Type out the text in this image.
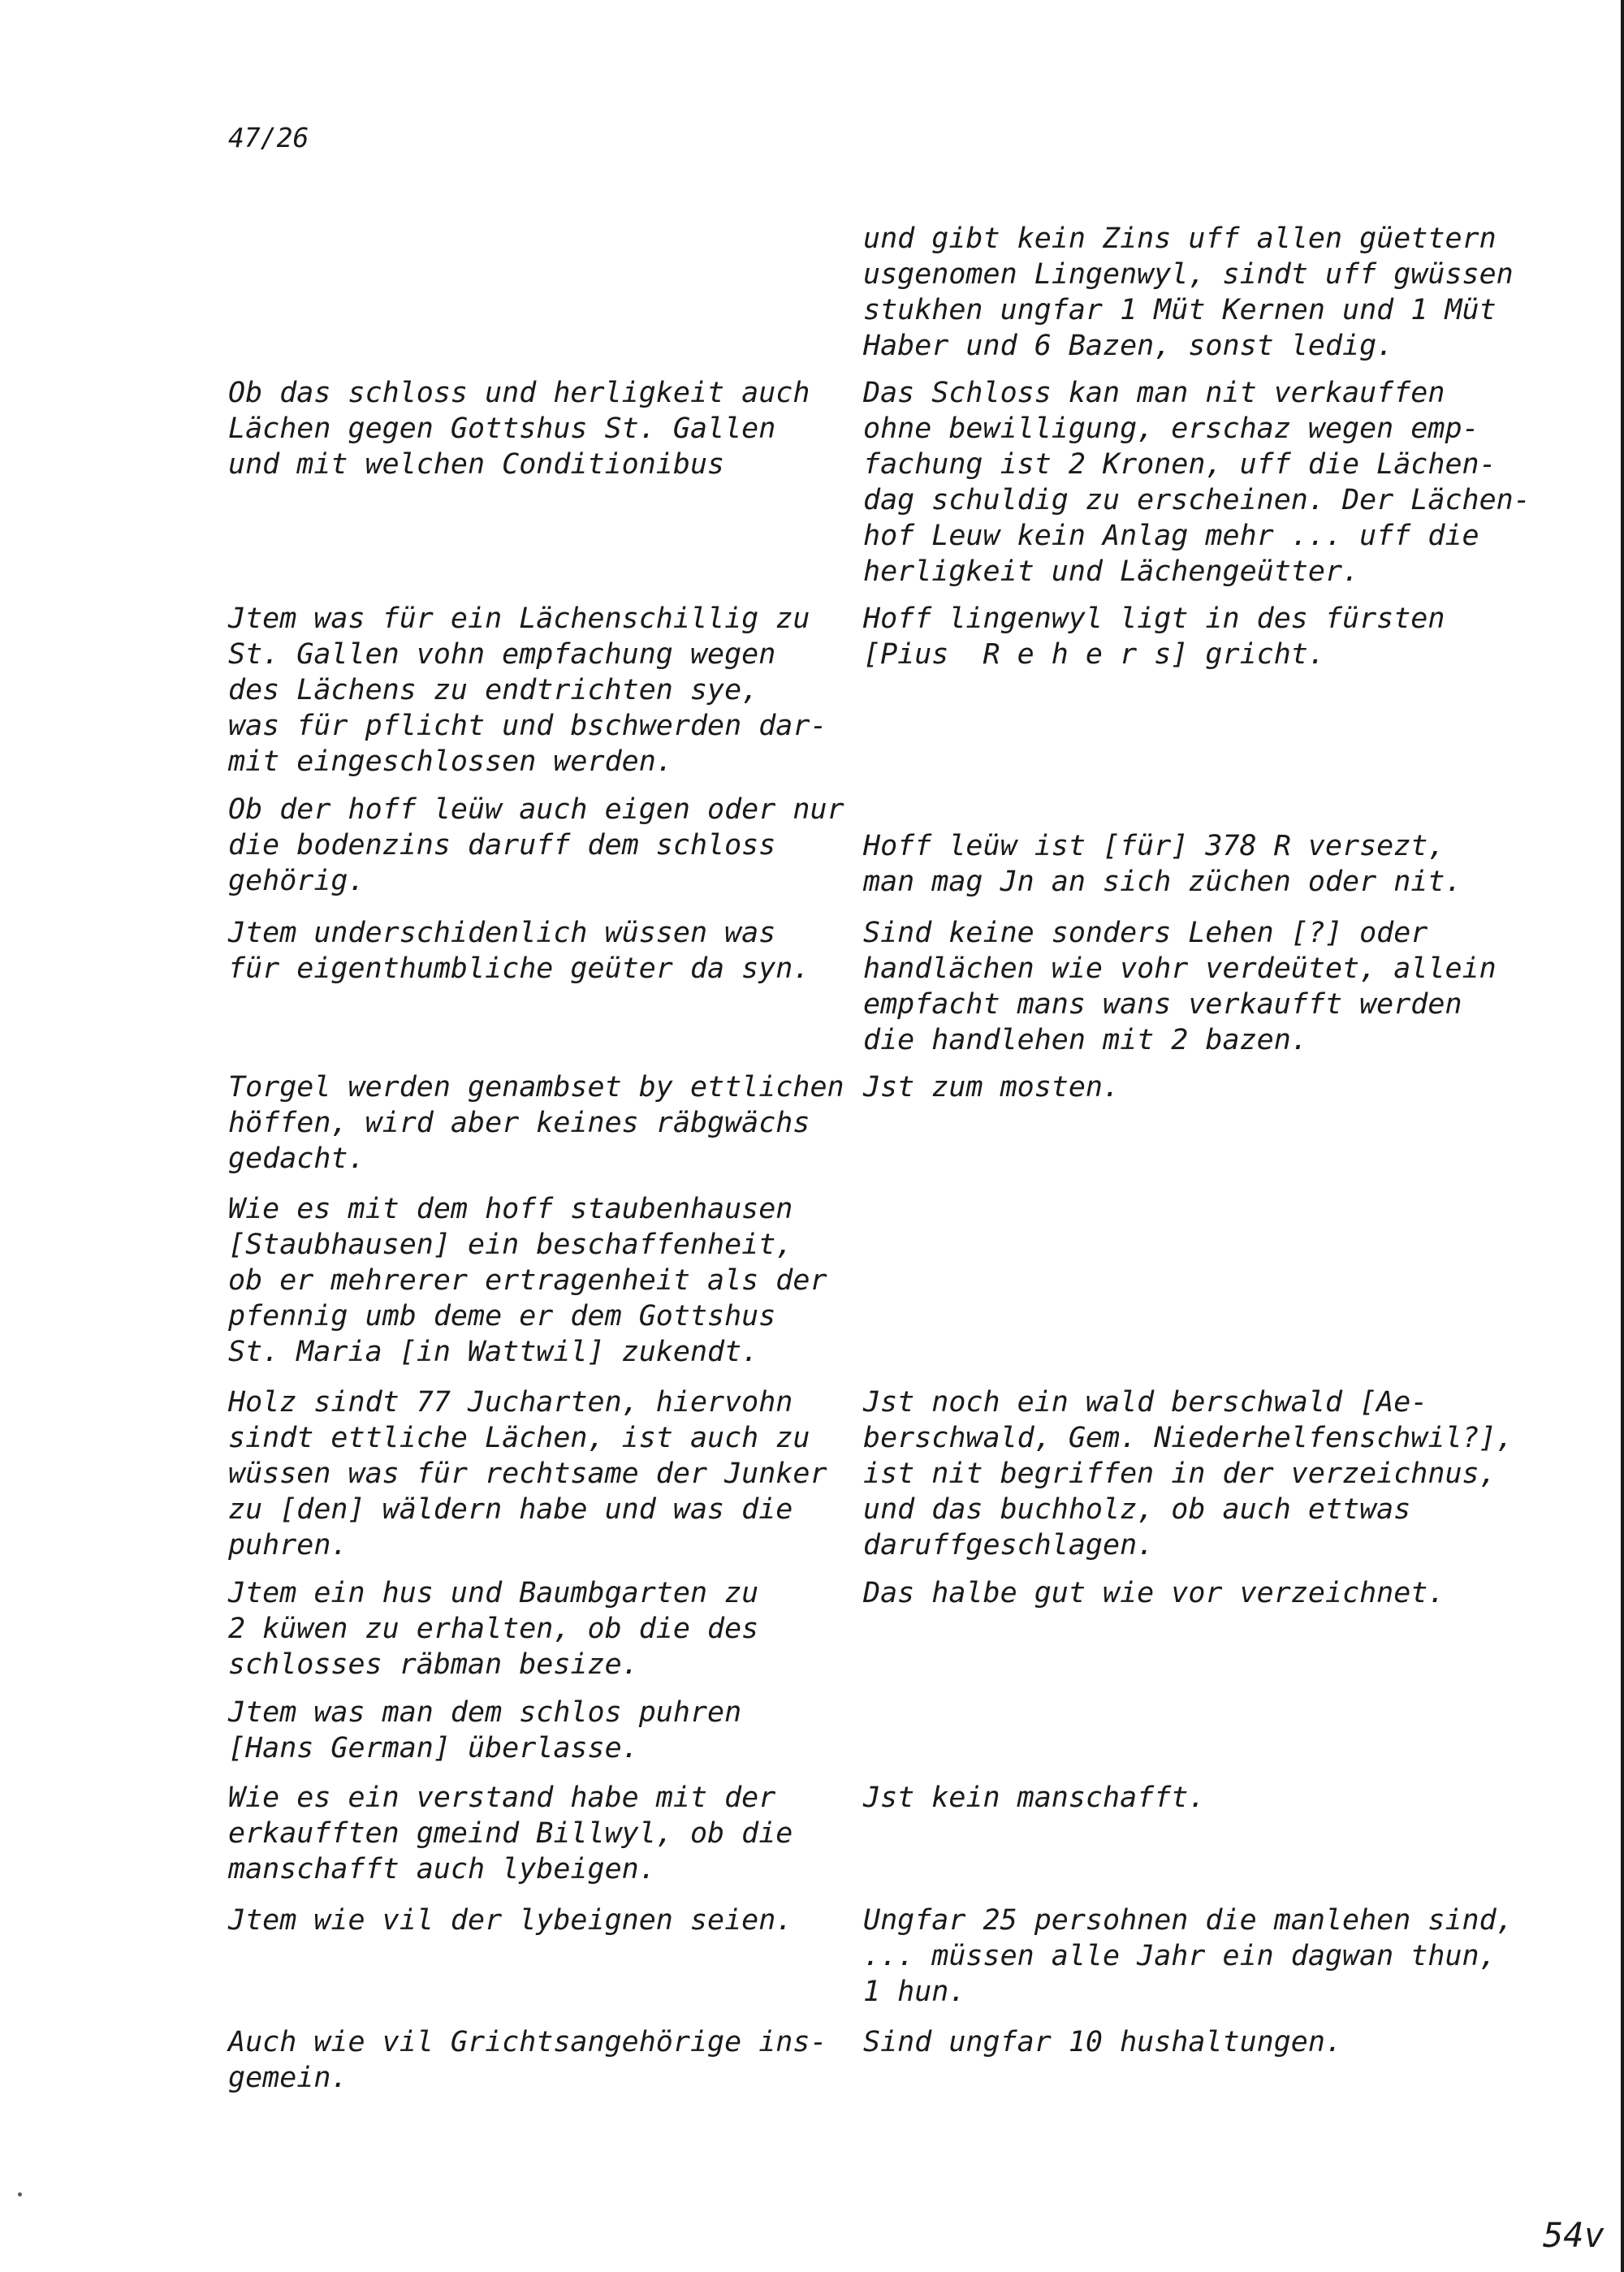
47/26

Ob das schloss und herligkeit auch
Lächen gegen Gottshus St. Gallen
und mit welchen Conditionibus

Jtem was für ein Lächenschillig zu
St. Gallen vohn empfachung wegen
des Lächens zu endtrichten sye,
was für pflicht und bschwerden dar-
mit eingeschlossen werden.

Ob der hoff leüw auch eigen oder nur
die bodenzins daruff dem schloss
gehörig.

Jtem underschidenlich wüssen was
für eigenthumbliche geüter da syn.

Torgel werden genambset by ettlichen
höffen, wird aber keines räbgwächs
gedacht.

Wie es mit dem hoff staubenhausen
[Staubhausen] ein beschaffenheit,
ob er mehrerer ertragenheit als der
pfennig umb deme er dem Gottshus
St. Maria [in Wattwil] zukendt.

Holz sindt 77 Jucharten, hiervohn
sindt ettliche Lächen, ist auch zu
wüssen was für rechtsame der Junker
zu [den] wäldern habe und was die
puhren.

Jtem ein hus und Baumbgarten zu
2 küwen zu erhalten, ob die des
schlosses räbman besize.

Jtem was man dem schlos puhren
[Hans German] überlasse.

Wie es ein verstand habe mit der
erkaufften gmeind Billwyl, ob die
manschafft auch lybeigen.

Jtem wie vil der lybeignen seien.

Auch wie vil Grichtsangehörige ins-
gemein.

und gibt kein Zins uff allen güettern
usgenomen Lingenwyl, sindt uff gwüssen
stukhen ungfar 1 Müt Kernen und 1 Müt
Haber und 6 Bazen, sonst ledig.

Das Schloss kan man nit verkauffen
ohne bewilligung, erschaz wegen emp-
fachung ist 2 Kronen, uff die Lächen-
dag schuldig zu erscheinen. Der Lächen-
hof Leuw kein Anlag mehr ... uff die
herligkeit und Lächengeütter.

Hoff lingenwyl ligt in des fürsten
[Pius  R e h e r s] gricht.

Hoff leüw ist [für] 378 R versezt,
man mag Jn an sich züchen oder nit.

Sind keine sonders Lehen [?] oder
handlächen wie vohr verdeütet, allein
empfacht mans wans verkaufft werden
die handlehen mit 2 bazen.

Jst zum mosten.

Jst noch ein wald berschwald [Ae-
berschwald, Gem. Niederhelfenschwil?],
ist nit begriffen in der verzeichnus,
und das buchholz, ob auch ettwas
daruffgeschlagen.

Das halbe gut wie vor verzeichnet.

Jst kein manschafft.

Ungfar 25 persohnen die manlehen sind,
... müssen alle Jahr ein dagwan thun,
1 hun.

Sind ungfar 10 hushaltungen.

54v
